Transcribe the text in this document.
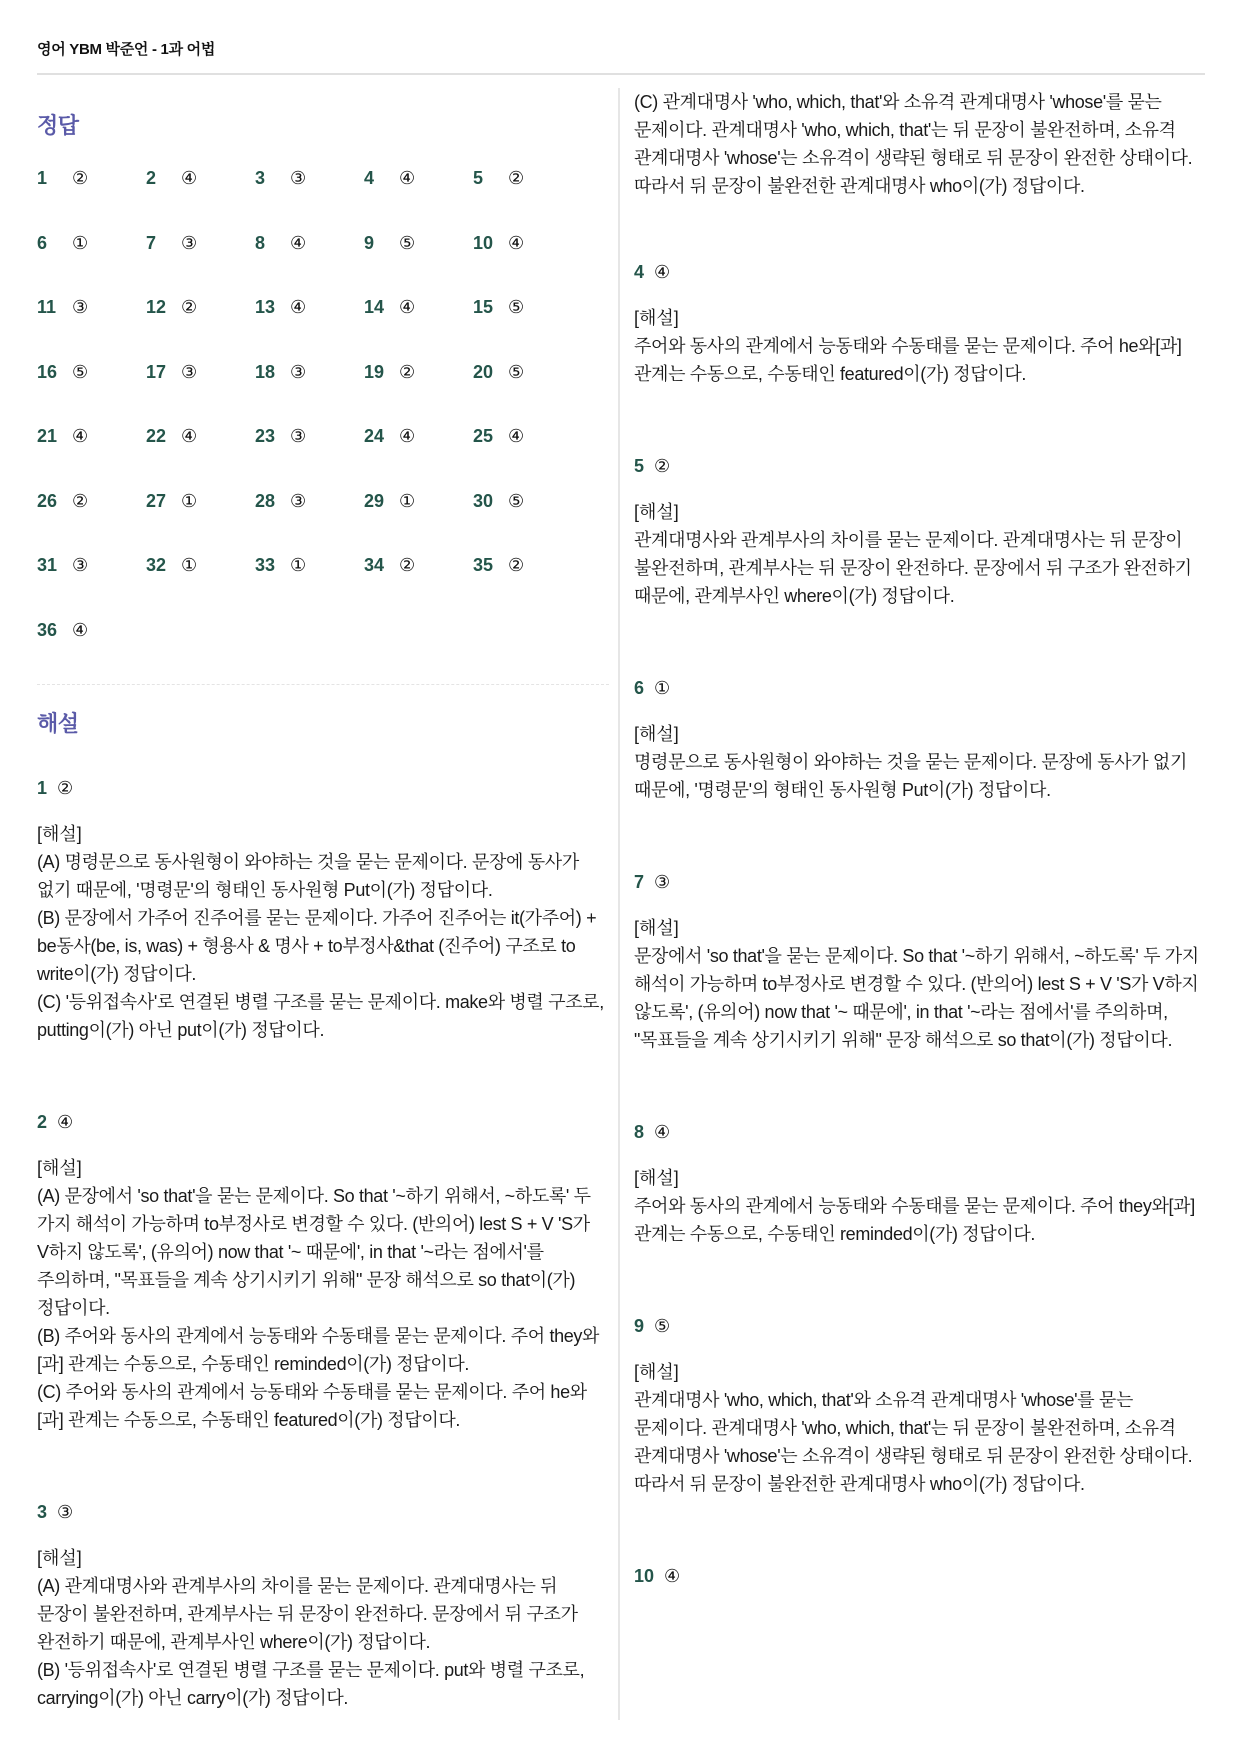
영어 YBM 박준언 - 1과 어법
정답
1	②	2	④	3	③	4	④	5	②
6	①	7	③	8	④	9	⑤	10 ④
11 ③	12 ②	13 ④	14 ④	15 ⑤
16 ⑤	17 ③	18 ③	19 ②	20 ⑤
21 ④	22 ④	23 ③	24 ④	25 ④
26 ②	27 ①	28 ③	29 ①	30 ⑤
31 ③	32 ①	33 ①	34 ②	35 ②
36 ④
해설
1 ②
[해설]
(A) 명령문으로 동사원형이 와야하는 것을 묻는 문제이다. 문장에 동사가 없기 때문에, '명령문'의 형태인 동사원형 Put이(가) 정답이다.
(B) 문장에서 가주어 진주어를 묻는 문제이다. 가주어 진주어는 it(가주어) + be동사(be, is, was) + 형용사 & 명사 + to부정사&that (진주어) 구조로 to write이(가) 정답이다.
(C) '등위접속사'로 연결된 병렬 구조를 묻는 문제이다. make와 병렬 구조로, putting이(가) 아닌 put이(가) 정답이다.
2 ④
[해설]
(A) 문장에서 'so that'을 묻는 문제이다. So that '~하기 위해서, ~하도록' 두 가지 해석이 가능하며 to부정사로 변경할 수 있다. (반의어) lest S + V 'S가 V하지 않도록', (유의어) now that '~ 때문에', in that '~라는 점에서'를 주의하며, "목표들을 계속 상기시키기 위해" 문장 해석으로 so that이(가) 정답이다.
(B) 주어와 동사의 관계에서 능동태와 수동태를 묻는 문제이다. 주어 they와[과] 관계는 수동으로, 수동태인 reminded이(가) 정답이다.
(C) 주어와 동사의 관계에서 능동태와 수동태를 묻는 문제이다. 주어 he와[과] 관계는 수동으로, 수동태인 featured이(가) 정답이다.
3 ③
[해설]
(A) 관계대명사와 관계부사의 차이를 묻는 문제이다. 관계대명사는 뒤 문장이 불완전하며, 관계부사는 뒤 문장이 완전하다. 문장에서 뒤 구조가 완전하기 때문에, 관계부사인 where이(가) 정답이다.
(B) '등위접속사'로 연결된 병렬 구조를 묻는 문제이다. put와 병렬 구조로, carrying이(가) 아닌 carry이(가) 정답이다.
(C) 관계대명사 'who, which, that'와 소유격 관계대명사 'whose'를 묻는 문제이다. 관계대명사 'who, which, that'는 뒤 문장이 불완전하며, 소유격 관계대명사 'whose'는 소유격이 생략된 형태로 뒤 문장이 완전한 상태이다. 따라서 뒤 문장이 불완전한 관계대명사 who이(가) 정답이다.
4 ④
[해설]
주어와 동사의 관계에서 능동태와 수동태를 묻는 문제이다. 주어 he와[과] 관계는 수동으로, 수동태인 featured이(가) 정답이다.
5 ②
[해설]
관계대명사와 관계부사의 차이를 묻는 문제이다. 관계대명사는 뒤 문장이 불완전하며, 관계부사는 뒤 문장이 완전하다. 문장에서 뒤 구조가 완전하기 때문에, 관계부사인 where이(가) 정답이다.
6 ①
[해설]
명령문으로 동사원형이 와야하는 것을 묻는 문제이다. 문장에 동사가 없기 때문에, '명령문'의 형태인 동사원형 Put이(가) 정답이다.
7 ③
[해설]
문장에서 'so that'을 묻는 문제이다. So that '~하기 위해서, ~하도록' 두 가지 해석이 가능하며 to부정사로 변경할 수 있다. (반의어) lest S + V 'S가 V하지 않도록', (유의어) now that '~ 때문에', in that '~라는 점에서'를 주의하며, "목표들을 계속 상기시키기 위해" 문장 해석으로 so that이(가) 정답이다.
8 ④
[해설]
주어와 동사의 관계에서 능동태와 수동태를 묻는 문제이다. 주어 they와[과] 관계는 수동으로, 수동태인 reminded이(가) 정답이다.
9 ⑤
[해설]
관계대명사 'who, which, that'와 소유격 관계대명사 'whose'를 묻는 문제이다. 관계대명사 'who, which, that'는 뒤 문장이 불완전하며, 소유격 관계대명사 'whose'는 소유격이 생략된 형태로 뒤 문장이 완전한 상태이다. 따라서 뒤 문장이 불완전한 관계대명사 who이(가) 정답이다.
10 ④
